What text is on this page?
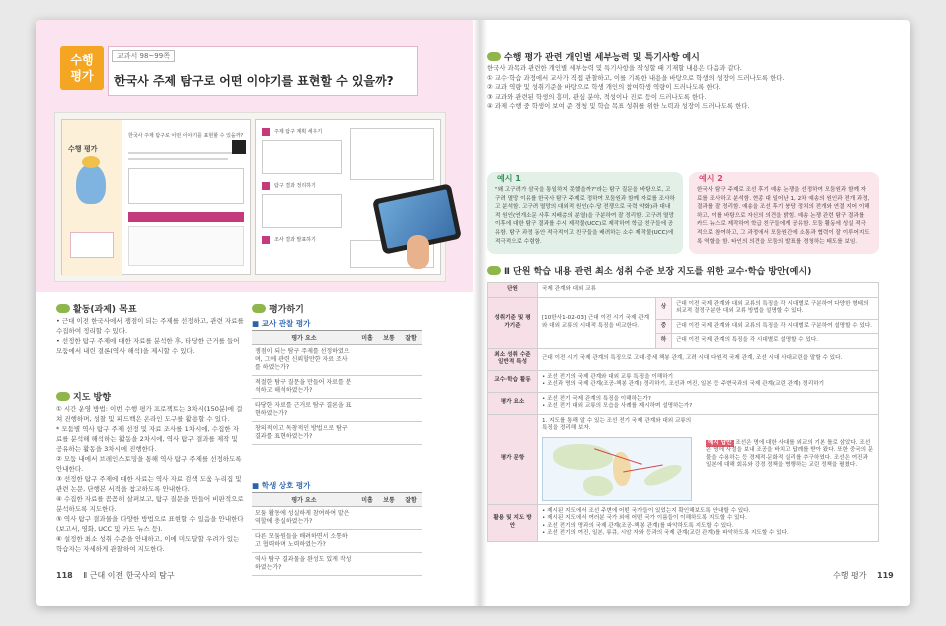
수행
평가
교과서 98~99쪽
한국사 주제 탐구로 어떤 이야기를 표현할 수 있을까?
수행 평가
한국사 주제 탐구로 어떤 이야기를 표현할 수 있을까?
주제 탐구 계획 세우기
탐구 결과 정리하기
조사 결과 발표하기
활동(과제) 목표

• 근대 이전 한국사에서 쟁점이 되는 주제를 선정하고, 관련 자료를 수집하여 정리할 수 있다.

• 선정한 탐구 주제에 대한 자료를 분석한 후, 타당한 근거를 들어 모둠에서 내린 결론(역사 해석)을 제시할 수 있다.

지도 방향

① 시간 운영 방법: 이번 수행 평가 프로젝트는 3차시(150분)에 걸쳐 진행하며, 성찰 및 피드백은 온라인 도구를 활용할 수 있다.

* 모둠별 역사 탐구 주제 선정 및 자료 조사를 1차시에, 수집한 자료를 분석해 해석하는 활동을 2차시에, 역사 탐구 결과를 제작 및 공유하는 활동을 3차시에 진행한다.

② 모둠 내에서 브레인스토밍을 통해 역사 탐구 주제를 선정하도록 안내한다.

③ 선정한 탐구 주제에 대한 사료는 역사 자료 검색 도움 누리집 및 관련 논문, 단행본 서적을 참고하도록 안내한다.

④ 수집한 자료를 꼼꼼히 살펴보고, 탐구 질문을 만들어 비판적으로 분석하도록 지도한다.

⑤ 역사 탐구 결과물을 다양한 방법으로 표현할 수 있음을 안내한다(보고서, 영화, UCC 및 카드 뉴스 등).

⑥ 설정한 최소 성취 수준을 안내하고, 이에 미도달할 우려가 있는 학습자는 자세하게 관찰하여 지도한다.

평가하기
■ 교사 관찰 평가
평가 요소	미흡	보통	잘함
쟁점이 되는 탐구 주제를 선정하였으며, 그에 관련 신뢰할만한 자료 조사를 하였는가?			
적절한 탐구 질문을 만들어 자료를 분석하고 해석하였는가?			
타당한 자료를 근거로 탐구 결론을 표현하였는가?			
창의적이고 독창적인 방법으로 탐구 결과를 표현하였는가?			
■ 학생 상호 평가
평가 요소	미흡	보통	잘함
모둠 활동에 성실하게 참여하여 맡은 역할에 충실하였는가?			
다른 모둠원들을 배려하면서 소통하고 협력하며 노력하였는가?			
역사 탐구 결과물을 완성도 있게 작성하였는가?			
118 Ⅱ 근대 이전 한국사의 탐구
수행 평가 관련 개인별 세부능력 및 특기사항 예시

한국사 과목과 관련한 개인별 세부능력 및 특기사항을 작성할 때 기재할 내용은 다음과 같다.

① 교수·학습 과정에서 교사가 직접 관찰하고, 이를 기록한 내용을 바탕으로 학생의 성장이 드러나도록 한다.

② 교과 역량 및 성취기준을 바탕으로 학생 개인의 참여학생 역량이 드러나도록 한다.

③ 교과와 관련된 학생의 흥미, 관심 분야, 적성이나 진로 등이 드러나도록 한다.

④ 과제 수행 중 학생이 보여 준 경청 및 학습 목표 성취를 위한 노력과 성장이 드러나도록 한다.

예시 1
"왜 고구려가 삼국을 통일하지 못했을까?"라는 탐구 질문을 바탕으로, 고구려 멸망 이유를 한국사 탐구 주제로 정하여 모둠원과 함께 자료를 조사하고 분석함. 고구려 멸망의 대외적 원인(수·당 전쟁으로 국력 약화)과 대내적 원인(연개소문 사후 지배층의 분열)을 구분하여 잘 정리함. 고구려 멸망 이후에 대한 탐구 결과를 수시 제작물(UCC)로 제작하여 학급 친구들에 공유함. 탐구 과정 동안 적극적이고 친구들을 배려하는 소수 제작물(UCC)에 적극적으로 수렴함.
예시 2
한국사 탐구 주제로 조선 후기 예송 논쟁을 선정하여 모둠원과 함께 자료를 조사하고 분석함. 현종 대 일어난 1, 2차 예송의 원인과 전개 과정, 결과를 잘 정리함. 예송을 조선 후기 붕당 정치의 전개와 연결 지어 이해하고, 이를 바탕으로 자신의 의견을 밝힘. 예송 논쟁 관련 탐구 결과를 카드 뉴스로 제작하여 학급 친구들에게 공유함. 모둠 활동에 성실 적극적으로 참여하고, 그 과정에서 모둠원간에 소통과 협력이 잘 이루어지도록 역할을 함. 타인의 의견을 모둠의 발표를 경청하는 태도를 보임.
Ⅱ 단원 학습 내용 관련 최소 성취 수준 보장 지도를 위한 교수·학습 방안(예시)
단원	국제 관계와 대외 교류		
성취기준 및 평가기준	[10한사1-02-03] 근대 이전 시기 국제 관계와 대외 교류의 시대적 특징을 비교한다.	상	근대 이전 국제 관계와 대외 교류의 특징을 각 시대별로 구분하여 다양한 형태의 외교적 결정구분한 대외 교류 방법을 설명할 수 있다.
		중	근대 이전 국제 관계와 대외 교류의 특징을 각 시대별로 구분하여 설명할 수 있다.
		하	근대 이전 국제 관계의 특징을 각 시대별로 설명할 수 있다.
최소 성취 수준 일반적 특성	근대 이전 시기 국제 관계의 특징으로 고대·중세 책봉 관계, 고려 시대 다원적 국제 관계, 조선 시대 사대교린을 말할 수 있다.		
교수·학습 활동	• 조선 전기의 국제 관계와 대외 교류 특징을 이해하기
• 조선과 명의 국제 관계(조공-책봉 관계) 정리하기, 조선과 여진, 일본 등 주변국과의 국제 관계(교린 관계) 정리하기		

평가 요소	• 조선 전기 국제 관계의 특징을 이해하는가?
• 조선 전기 대외 교류의 모습을 사례를 제시하며 설명하는가?		

평가 문항	1. 지도를 통해 알 수 있는 조선 전기 국제 관계와 대외 교류의 특징을 정리해 보자.
예시 답안 조선은 명에 대한 사대를 외교의 기본 틀로 삼았다. 조선은 명에 사절을 보내 조공을 바치고 답례를 받아 왔다. 또한 중국의 문물을 수용하는 등 경제적·문화적 실리를 추구하였다. 조선은 여진과 일본에 대해 회유와 강경 정책을 병행하는 교린 정책을 펼쳤다.		

활용 및 지도 방안	• 제시된 지도에서 조선 주변에 어떤 국가들이 있었는지 확인해보도록 안내할 수 있다.
• 제시된 지도에서 여러분 국가 외에 어떤 국가 이름들이 이해하도록 지도할 수 있다.
• 조선 전기의 명과의 국제 관계(조공-책봉 관계)를 파악하도록 지도할 수 있다.
• 조선 전기의 여진, 일본, 류큐, 시암 자와 등과의 국제 관계(교린 관계)를 파악하도록 지도할 수 있다.		
수행 평가 119
